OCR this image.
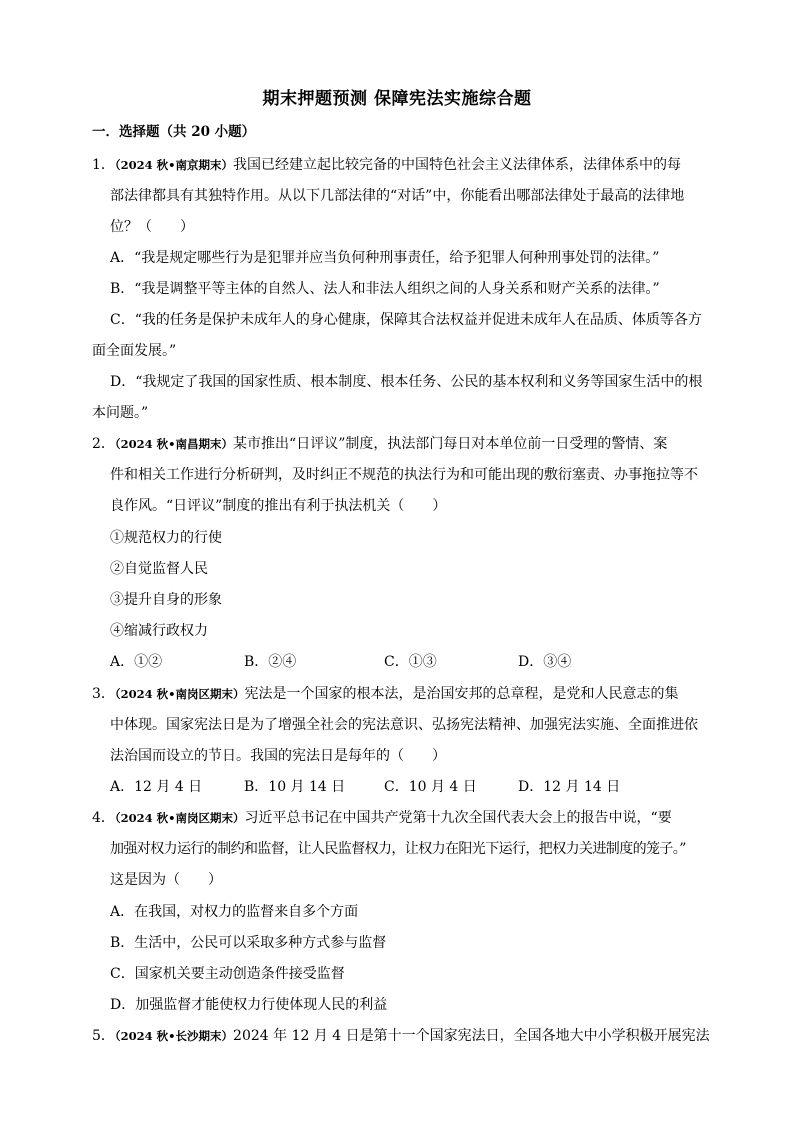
期末押题预测 保障宪法实施综合题
一．选择题（共 20 小题）
1．（2024 秋•南京期末）我国已经建立起比较完备的中国特色社会主义法律体系，法律体系中的每
部法律都具有其独特作用。从以下几部法律的“对话”中，你能看出哪部法律处于最高的法律地
位？（　　）
A．“我是规定哪些行为是犯罪并应当负何种刑事责任，给予犯罪人何种刑事处罚的法律。”
B．“我是调整平等主体的自然人、法人和非法人组织之间的人身关系和财产关系的法律。”
C．“我的任务是保护未成年人的身心健康，保障其合法权益并促进未成年人在品质、体质等各方
面全面发展。”
D．“我规定了我国的国家性质、根本制度、根本任务、公民的基本权利和义务等国家生活中的根
本问题。”
2．（2024 秋•南昌期末）某市推出“日评议”制度，执法部门每日对本单位前一日受理的警情、案
件和相关工作进行分析研判，及时纠正不规范的执法行为和可能出现的敷衍塞责、办事拖拉等不
良作风。“日评议”制度的推出有利于执法机关（　　）
①规范权力的行使
②自觉监督人民
③提升自身的形象
④缩减行政权力
A．①②	B．②④	C．①③	D．③④
3．（2024 秋•南岗区期末）宪法是一个国家的根本法，是治国安邦的总章程，是党和人民意志的集
中体现。国家宪法日是为了增强全社会的宪法意识、弘扬宪法精神、加强宪法实施、全面推进依
法治国而设立的节日。我国的宪法日是每年的（　　）
A．12 月 4 日	B．10 月 14 日	C．10 月 4 日	D．12 月 14 日
4．（2024 秋•南岗区期末）习近平总书记在中国共产党第十九次全国代表大会上的报告中说，“要
加强对权力运行的制约和监督，让人民监督权力，让权力在阳光下运行，把权力关进制度的笼子。”
这是因为（　　）
A．在我国，对权力的监督来自多个方面
B．生活中，公民可以采取多种方式参与监督
C．国家机关要主动创造条件接受监督
D．加强监督才能使权力行使体现人民的利益
5．（2024 秋•长沙期末）2024 年 12 月 4 日是第十一个国家宪法日，全国各地大中小学积极开展宪法
